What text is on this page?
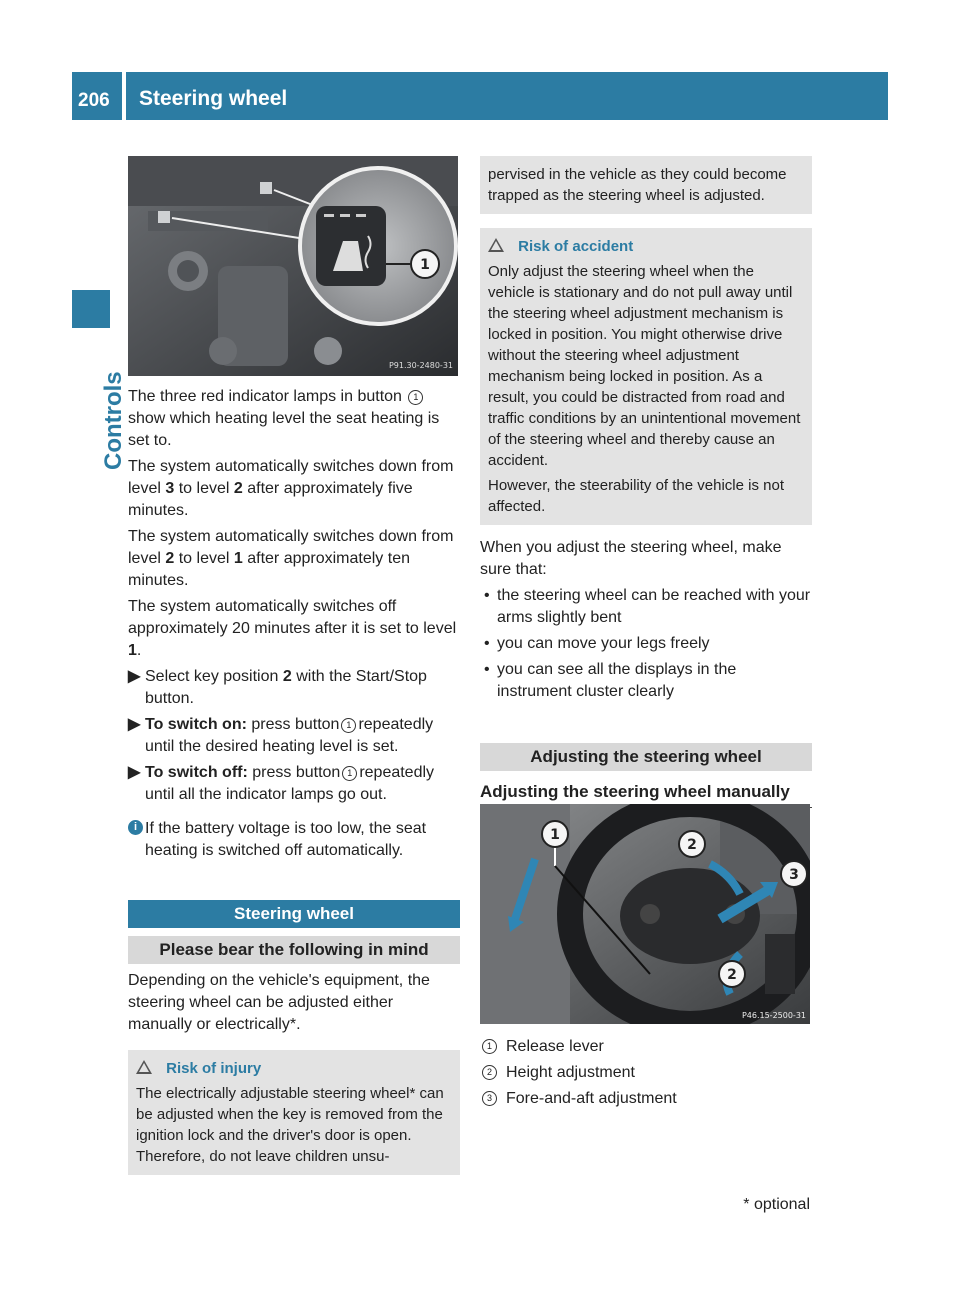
206 Steering wheel
Controls
1
P91.30-2480-31

The three red indicator lamps in button 1 show which heating level the seat heating is set to.

The system automatically switches down from level 3 to level 2 after approximately five minutes.

The system automatically switches down from level 2 to level 1 after approximately ten minutes.

The system automatically switches off approximately 20 minutes after it is set to level 1.

▶ Select key position 2 with the Start/Stop button.
▶ To switch on: press button 1 repeatedly until the desired heating level is set.
▶ To switch off: press button 1 repeatedly until all the indicator lamps go out.
i If the battery voltage is too low, the seat heating is switched off automatically.
Steering wheel
Please bear the following in mind

Depending on the vehicle's equipment, the steering wheel can be adjusted either manually or electrically*.

Risk of injury
The electrically adjustable steering wheel* can be adjusted when the key is removed from the ignition lock and the driver's door is open. Therefore, do not leave children unsu-
pervised in the vehicle as they could become trapped as the steering wheel is adjusted.
Risk of accident
Only adjust the steering wheel when the vehicle is stationary and do not pull away until the steering wheel adjustment mechanism is locked in position. You might otherwise drive without the steering wheel adjustment mechanism being locked in position. As a result, you could be distracted from road and traffic conditions by an unintentional movement of the steering wheel and thereby cause an accident.
However, the steerability of the vehicle is not affected.

When you adjust the steering wheel, make sure that:

• the steering wheel can be reached with your arms slightly bent
• you can move your legs freely
• you can see all the displays in the instrument cluster clearly
Adjusting the steering wheel
Adjusting the steering wheel manually
1
2
3
2
P46.15-2500-31
1 Release lever
2 Height adjustment
3 Fore-and-aft adjustment
* optional
